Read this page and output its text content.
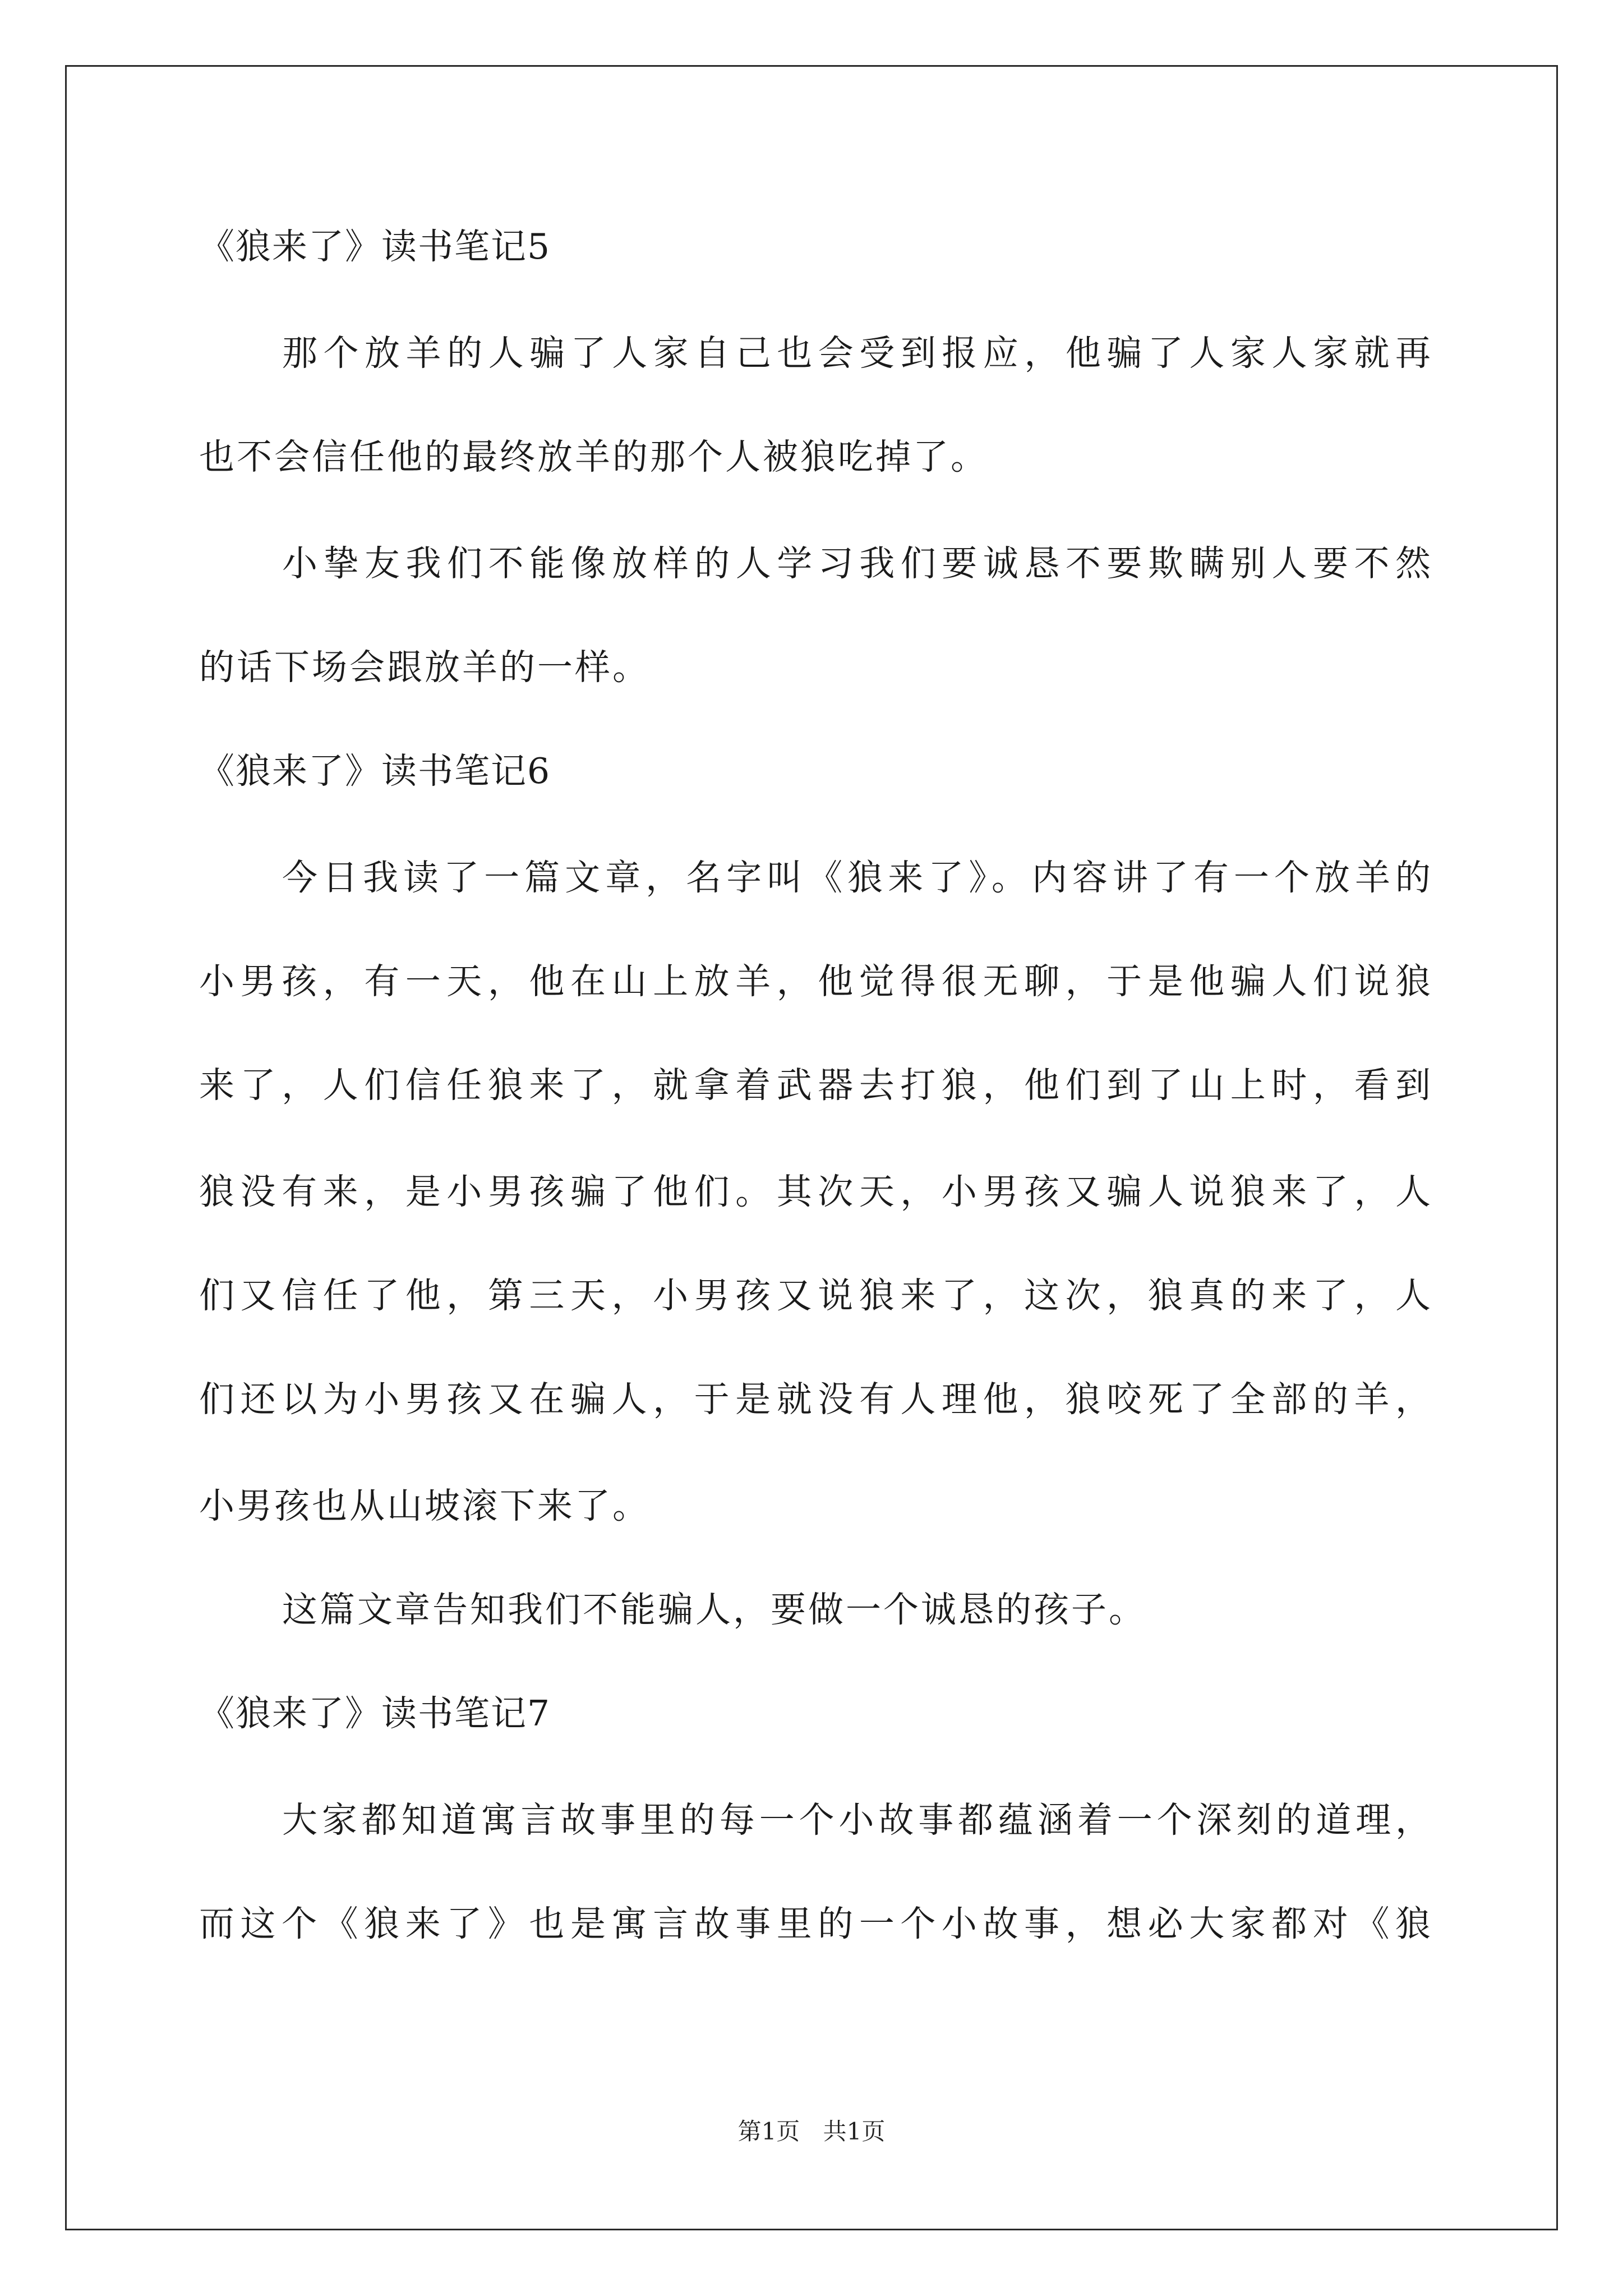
《狼来了》读书笔记5
那个放羊的人骗了人家自己也会受到报应，他骗了人家人家就再
也不会信任他的最终放羊的那个人被狼吃掉了。
小挚友我们不能像放样的人学习我们要诚恳不要欺瞒别人要不然
的话下场会跟放羊的一样。
《狼来了》读书笔记6
今日我读了一篇文章，名字叫《狼来了》。内容讲了有一个放羊的
小男孩，有一天，他在山上放羊，他觉得很无聊，于是他骗人们说狼
来了，人们信任狼来了，就拿着武器去打狼，他们到了山上时，看到
狼没有来，是小男孩骗了他们。其次天，小男孩又骗人说狼来了，人
们又信任了他，第三天，小男孩又说狼来了，这次，狼真的来了，人
们还以为小男孩又在骗人，于是就没有人理他，狼咬死了全部的羊，
小男孩也从山坡滚下来了。
这篇文章告知我们不能骗人，要做一个诚恳的孩子。
《狼来了》读书笔记7
大家都知道寓言故事里的每一个小故事都蕴涵着一个深刻的道理，
而这个《狼来了》也是寓言故事里的一个小故事，想必大家都对《狼
第1页 共1页
